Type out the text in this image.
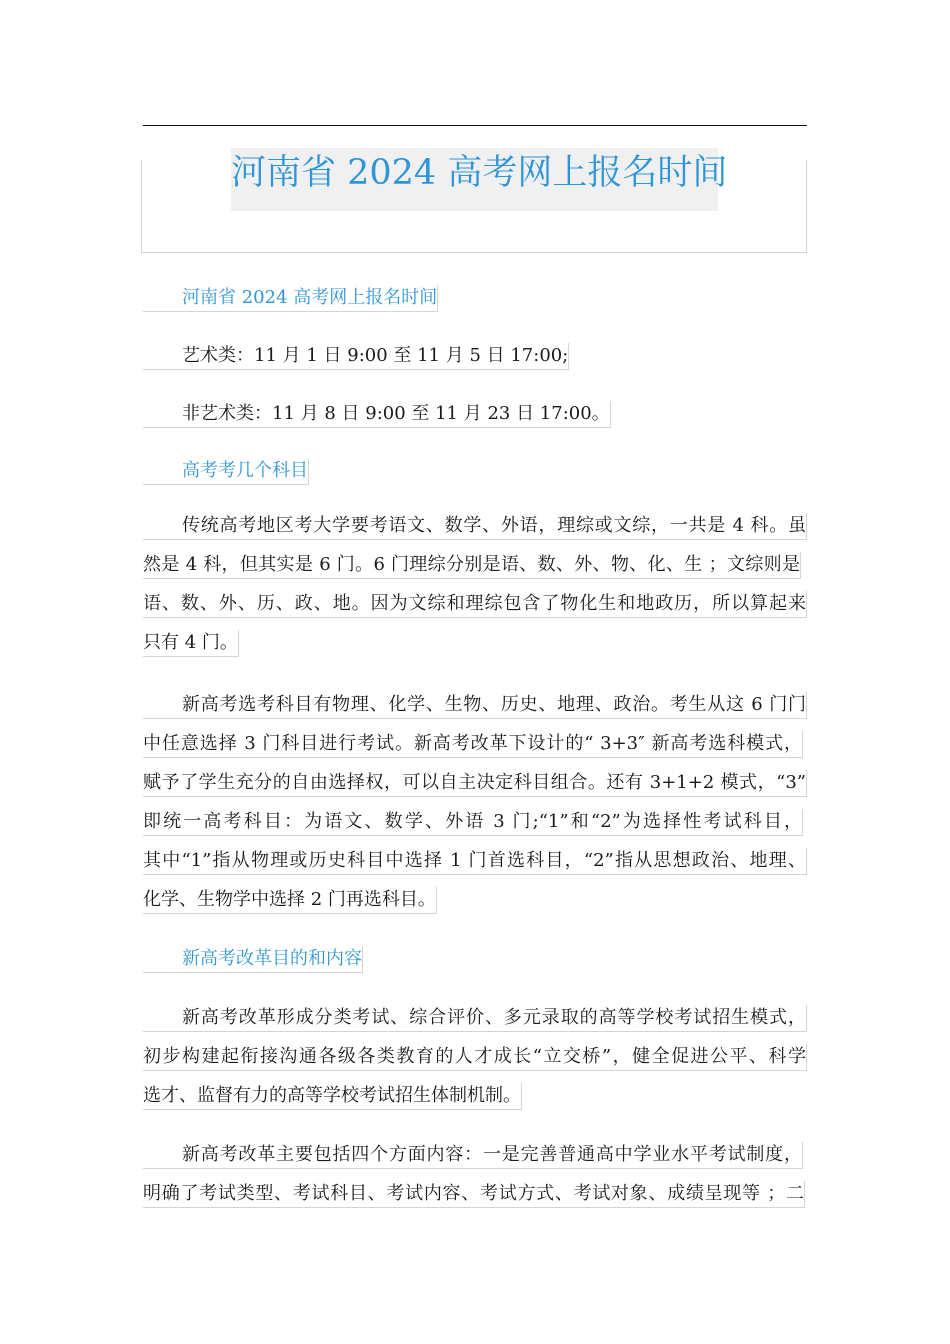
河南省 2024 高考网上报名时间

河南省 2024 高考网上报名时间

艺术类：11 月 1 日 9:00 至 11 月 5 日 17:00;

非艺术类：11 月 8 日 9:00 至 11 月 23 日 17:00。

高考考几个科目

传统高考地区考大学要考语文、数学、外语，理综或文综，一共是 4 科。虽
然是 4 科，但其实是 6 门。6 门理综分别是语、数、外、物、化、生 ；文综则是
语、数、外、历、政、地。因为文综和理综包含了物化生和地政历，所以算起来
只有 4 门。
新高考选考科目有物理、化学、生物、历史、地理、政治。考生从这 6 门门
中任意选择 3 门科目进行考试。新高考改革下设计的“ 3+3″ 新高考选科模式，
赋予了学生充分的自由选择权，可以自主决定科目组合。还有 3+1+2 模式，“3”
即统一高考科目：为语文、数学、外语 3 门;“1”和“2”为选择性考试科目，
其中“1”指从物理或历史科目中选择 1 门首选科目，“2”指从思想政治、地理、
化学、生物学中选择 2 门再选科目。

新高考改革目的和内容

新高考改革形成分类考试、综合评价、多元录取的高等学校考试招生模式，
初步构建起衔接沟通各级各类教育的人才成长“立交桥”，健全促进公平、科学
选才、监督有力的高等学校考试招生体制机制。
新高考改革主要包括四个方面内容：一是完善普通高中学业水平考试制度，
明确了考试类型、考试科目、考试内容、考试方式、考试对象、成绩呈现等 ；二
